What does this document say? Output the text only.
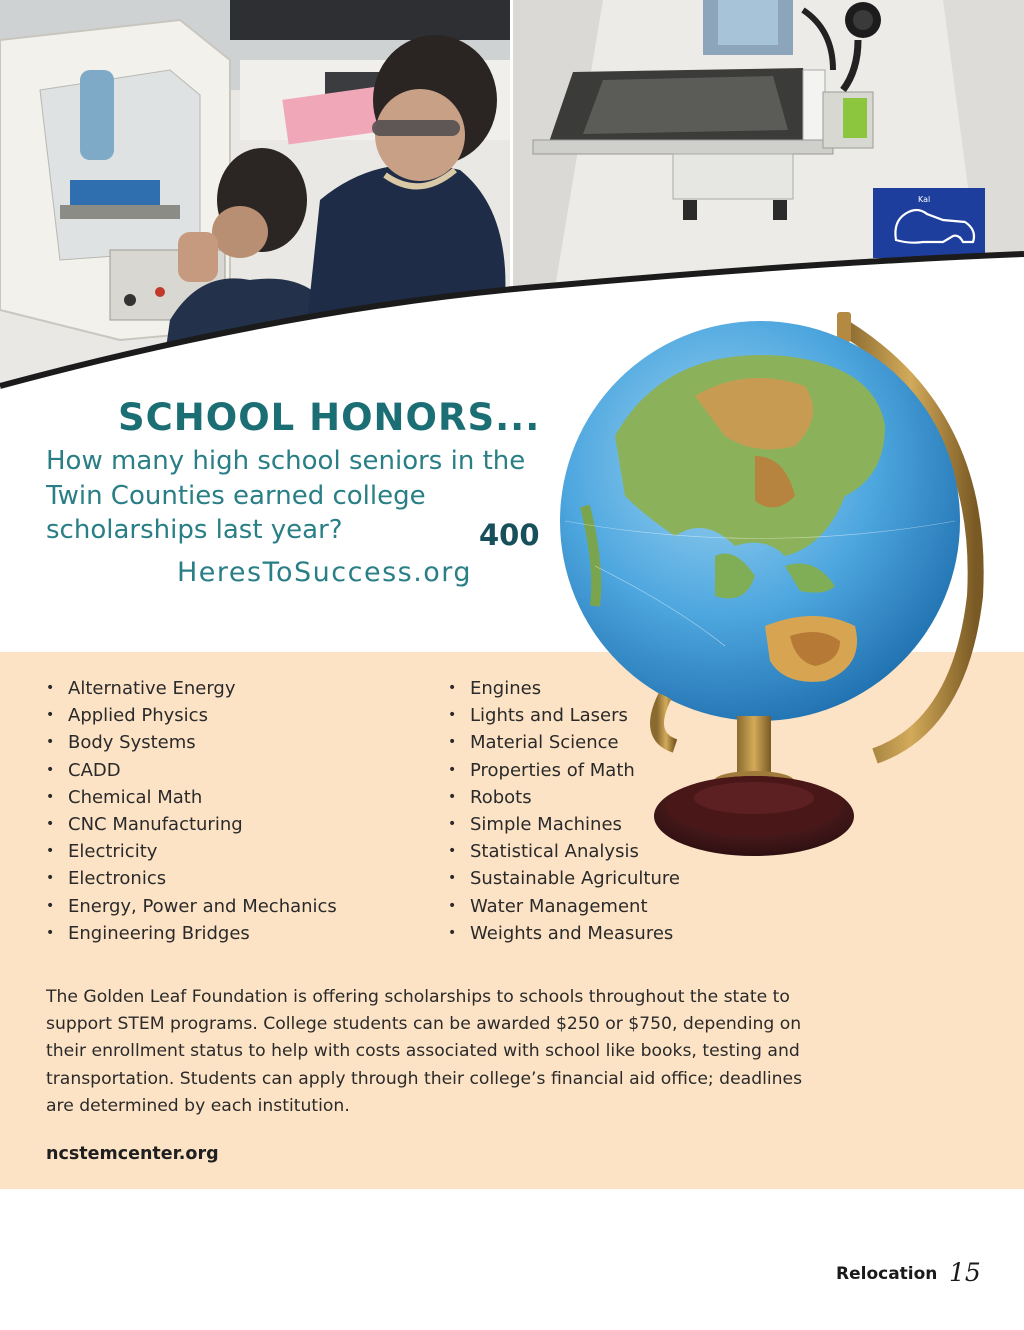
Kal
SCHOOL HONORS...

How many high school seniors in the Twin Counties earned college scholarships last year?	400
HeresToSuccess.org
• Alternative Energy
• Applied Physics
• Body Systems
• CADD
• Chemical Math
• CNC Manufacturing
• Electricity
• Electronics
• Energy, Power and Mechanics
• Engineering Bridges
• Engines
• Lights and Lasers
• Material Science
• Properties of Math
• Robots
• Simple Machines
• Statistical Analysis
• Sustainable Agriculture
• Water Management
• Weights and Measures

The Golden Leaf Foundation is offering scholarships to schools throughout the state to support STEM programs. College students can be awarded $250 or $750, depending on their enrollment status to help with costs associated with school like books, testing and transportation. Students can apply through their college’s financial aid office; deadlines are determined by each institution.

ncstemcenter.org
Relocation 15
